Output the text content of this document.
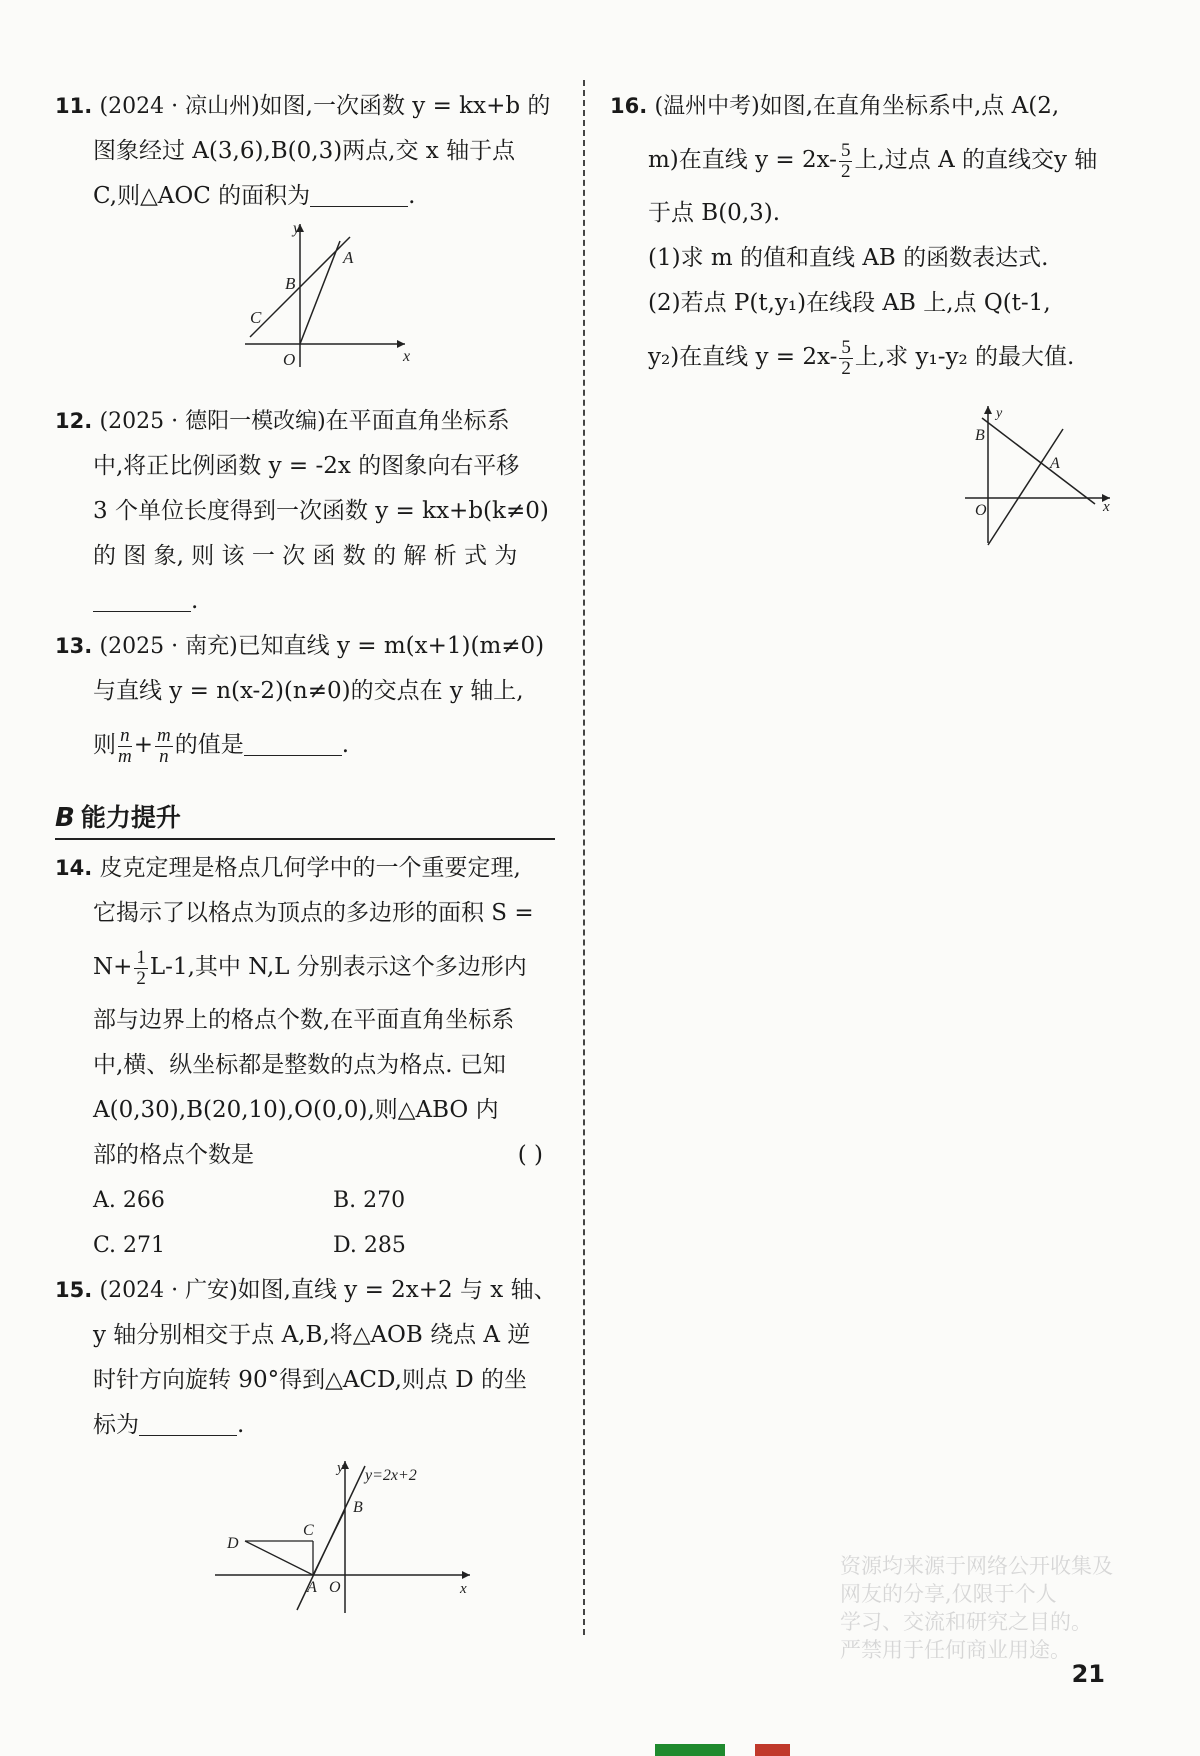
11. (2024 · 凉山州)如图,一次函数 y = kx+b 的

图象经过 A(3,6),B(0,3)两点,交 x 轴于点

C,则△AOC 的面积为	.

y
x
A
B
C
O

12. (2025 · 德阳一模改编)在平面直角坐标系

中,将正比例函数 y = -2x 的图象向右平移

3 个单位长度得到一次函数 y = kx+b(k≠0)

的 图 象, 则 该 一 次 函 数 的 解 析 式 为

.

13. (2025 · 南充)已知直线 y = m(x+1)(m≠0)

与直线 y = n(x-2)(n≠0)的交点在 y 轴上,

则 $\frac{n}{m} + \frac{m}{n}$ 的值是	.

B 能力提升

14. 皮克定理是格点几何学中的一个重要定理,

它揭示了以格点为顶点的多边形的面积 S =

$N+ \frac{1}{2} L-1$,其中 N,L 分别表示这个多边形内

部与边界上的格点个数,在平面直角坐标系

中,横、纵坐标都是整数的点为格点. 已知

A(0,30),B(20,10),O(0,0),则△ABO 内

部的格点个数是	( )

A. 266	B. 270
C. 271	D. 285

15. (2024 · 广安)如图,直线 y = 2x+2 与 x 轴、

y 轴分别相交于点 A,B,将△AOB 绕点 A 逆

时针方向旋转 90°得到△ACD,则点 D 的坐

标为	.

y
x
y=2x+2
B
C
D
A O

16. (温州中考)如图,在直角坐标系中,点 A(2,

m)在直线 $y = 2x- \frac{5}{2}$ 上,过点 A 的直线交y 轴

于点 B(0,3).

(1)求 m 的值和直线 AB 的函数表达式.

(2)若点 P(t,y₁)在线段 AB 上,点 Q(t-1,

y₂)在直线 $y = 2x- \frac{5}{2}$ 上,求 y₁-y₂ 的最大值.

y
x
A
B
O
资源均来源于网络公开收集及
网友的分享,仅限于个人
学习、交流和研究之目的。
严禁用于任何商业用途。
21
